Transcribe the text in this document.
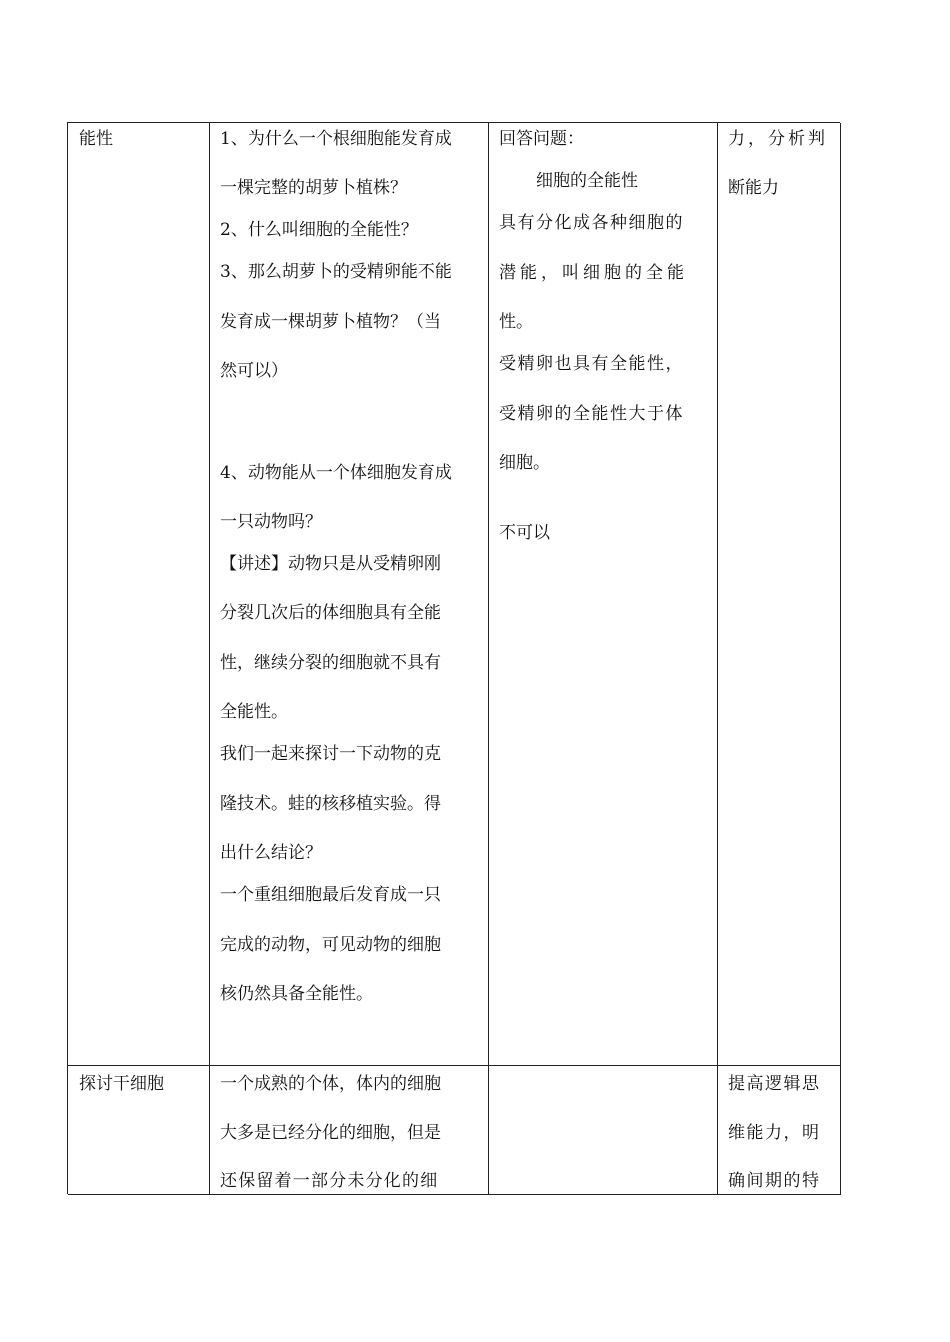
能性	1、为什么一个根细胞能发育成
一棵完整的胡萝卜植株？
2、什么叫细胞的全能性？
3、那么胡萝卜的受精卵能不能
发育成一棵胡萝卜植物？（当
然可以）
4、动物能从一个体细胞发育成
一只动物吗？
【讲述】动物只是从受精卵刚
分裂几次后的体细胞具有全能
性，继续分裂的细胞就不具有
全能性。
我们一起来探讨一下动物的克
隆技术。蛙的核移植实验。得
出什么结论？
一个重组细胞最后发育成一只
完成的动物，可见动物的细胞
核仍然具备全能性。
回答问题：
细胞的全能性
具有分化成各种细胞的
潜能，叫细胞的全能
性。
受精卵也具有全能性，
受精卵的全能性大于体
细胞。
不可以
力，分析判
断能力
探讨干细胞	一个成熟的个体，体内的细胞
大多是已经分化的细胞，但是
还保留着一部分未分化的细
提高逻辑思
维能力，明
确间期的特
